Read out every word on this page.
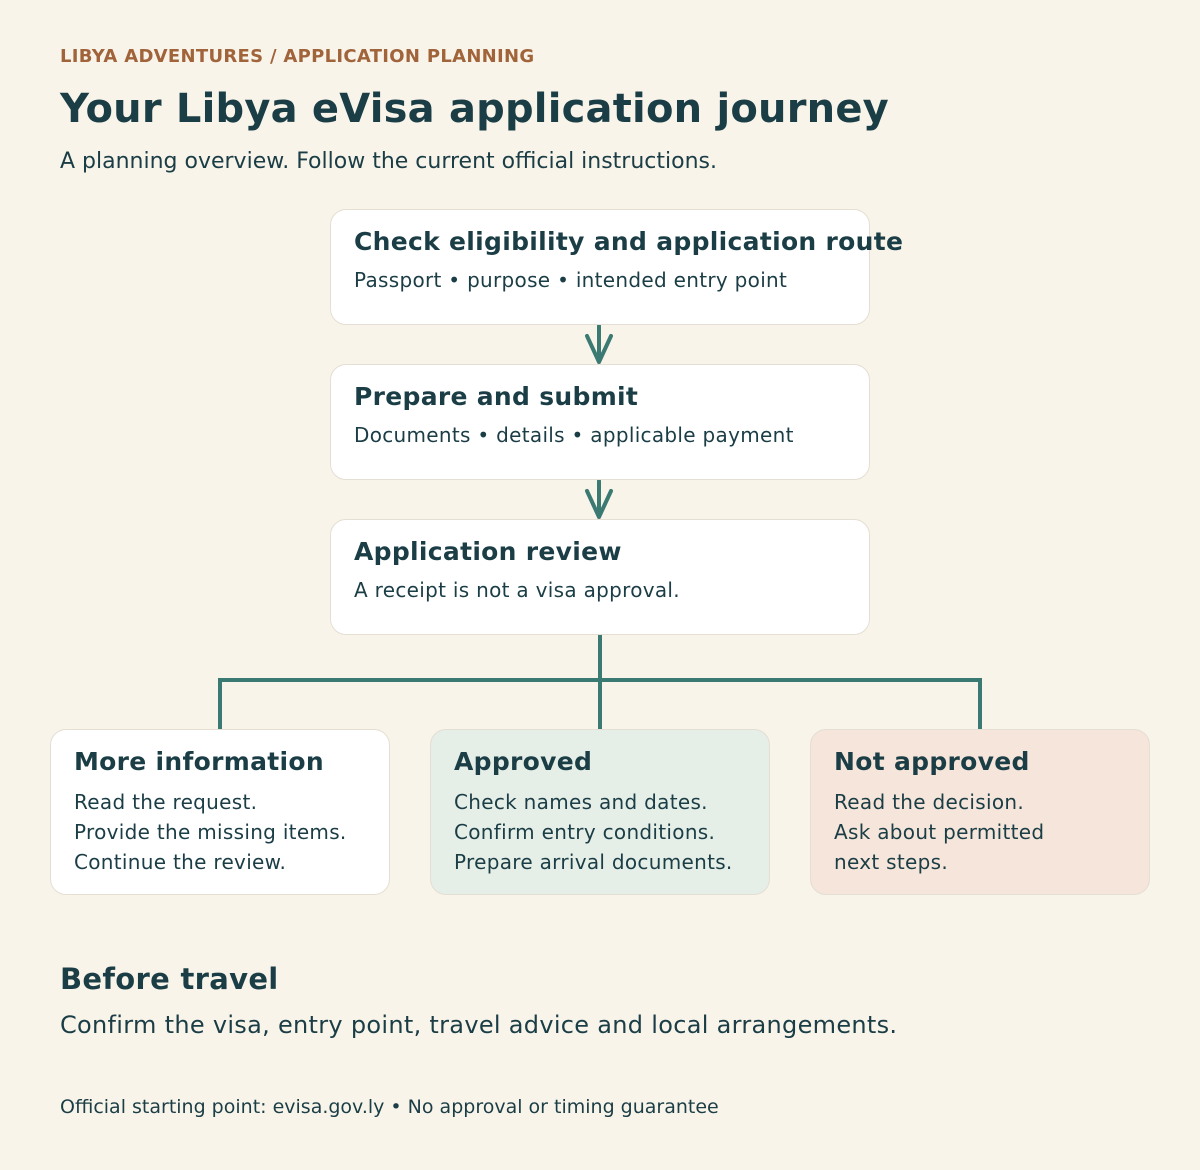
LIBYA ADVENTURES / APPLICATION PLANNING
Your Libya eVisa application journey
A planning overview. Follow the current official instructions.
Check eligibility and application route
Passport • purpose • intended entry point
Prepare and submit
Documents • details • applicable payment
Application review
A receipt is not a visa approval.
More information
Read the request.
Provide the missing items.
Continue the review.
Approved
Check names and dates.
Confirm entry conditions.
Prepare arrival documents.
Not approved
Read the decision.
Ask about permitted
next steps.
Before travel
Confirm the visa, entry point, travel advice and local arrangements.
Official starting point: evisa.gov.ly • No approval or timing guarantee
